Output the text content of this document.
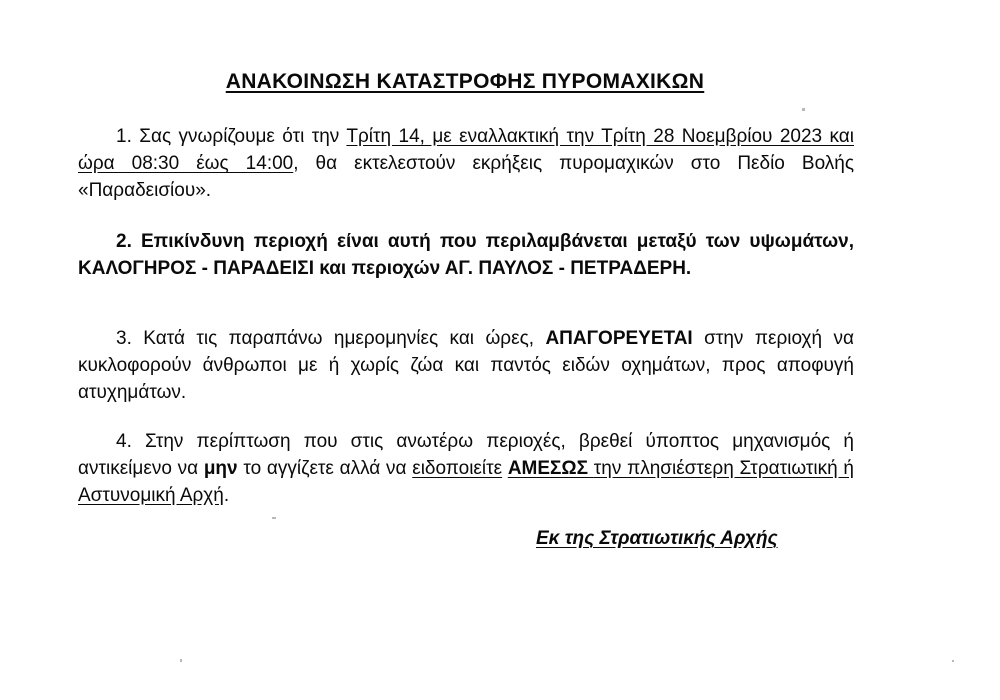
ΑΝΑΚΟΙΝΩΣΗ ΚΑΤΑΣΤΡΟΦΗΣ ΠΥΡΟΜΑΧΙΚΩΝ
1. Σας γνωρίζουμε ότι την Τρίτη 14, με εναλλακτική την Τρίτη 28 Νοεμβρίου 2023 και ώρα 08:30 έως 14:00, θα εκτελεστούν εκρήξεις πυρομαχικών στο Πεδίο Βολής «Παραδεισίου».
2. Επικίνδυνη περιοχή είναι αυτή που περιλαμβάνεται μεταξύ των υψωμάτων, ΚΑΛΟΓΗΡΟΣ - ΠΑΡΑΔΕΙΣΙ και περιοχών ΑΓ. ΠΑΥΛΟΣ - ΠΕΤΡΑΔΕΡΗ.
3. Κατά τις παραπάνω ημερομηνίες και ώρες, ΑΠΑΓΟΡΕΥΕΤΑΙ στην περιοχή να κυκλοφορούν άνθρωποι με ή χωρίς ζώα και παντός ειδών οχημάτων, προς αποφυγή ατυχημάτων.
4. Στην περίπτωση που στις ανωτέρω περιοχές, βρεθεί ύποπτος μηχανισμός ή αντικείμενο να μην το αγγίζετε αλλά να ειδοποιείτε ΑΜΕΣΩΣ την πλησιέστερη Στρατιωτική ή Αστυνομική Αρχή.
Εκ της Στρατιωτικής Αρχής
